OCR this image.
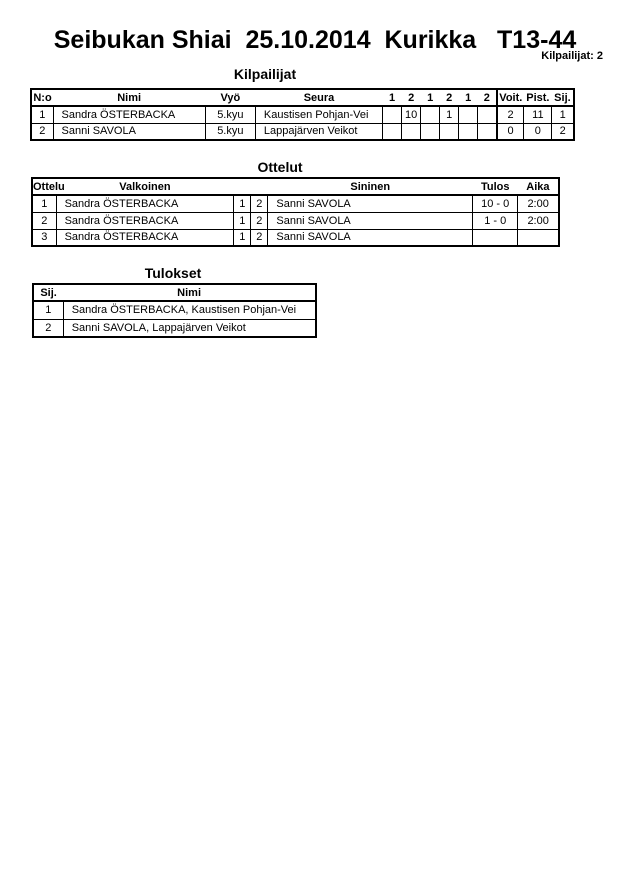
Seibukan Shiai  25.10.2014  Kurikka   T13-44
Kilpailijat: 2
Kilpailijat
N:o	Nimi	Vyö	Seura	1	2	1	2	1	2	Voit.	Pist.	Sij.
1	Sandra ÖSTERBACKA	5.kyu	Kaustisen Pohjan-Vei		10		1			2	11	1
2	Sanni SAVOLA	5.kyu	Lappajärven Veikot							0	0	2
Ottelut
Ottelu	Valkoinen			Sininen	Tulos	Aika
1	Sandra ÖSTERBACKA	1	2	Sanni SAVOLA	10 - 0	2:00
2	Sandra ÖSTERBACKA	1	2	Sanni SAVOLA	1 - 0	2:00
3	Sandra ÖSTERBACKA	1	2	Sanni SAVOLA		
Tulokset
Sij.	Nimi
1	Sandra ÖSTERBACKA, Kaustisen Pohjan-Vei
2	Sanni SAVOLA, Lappajärven Veikot
